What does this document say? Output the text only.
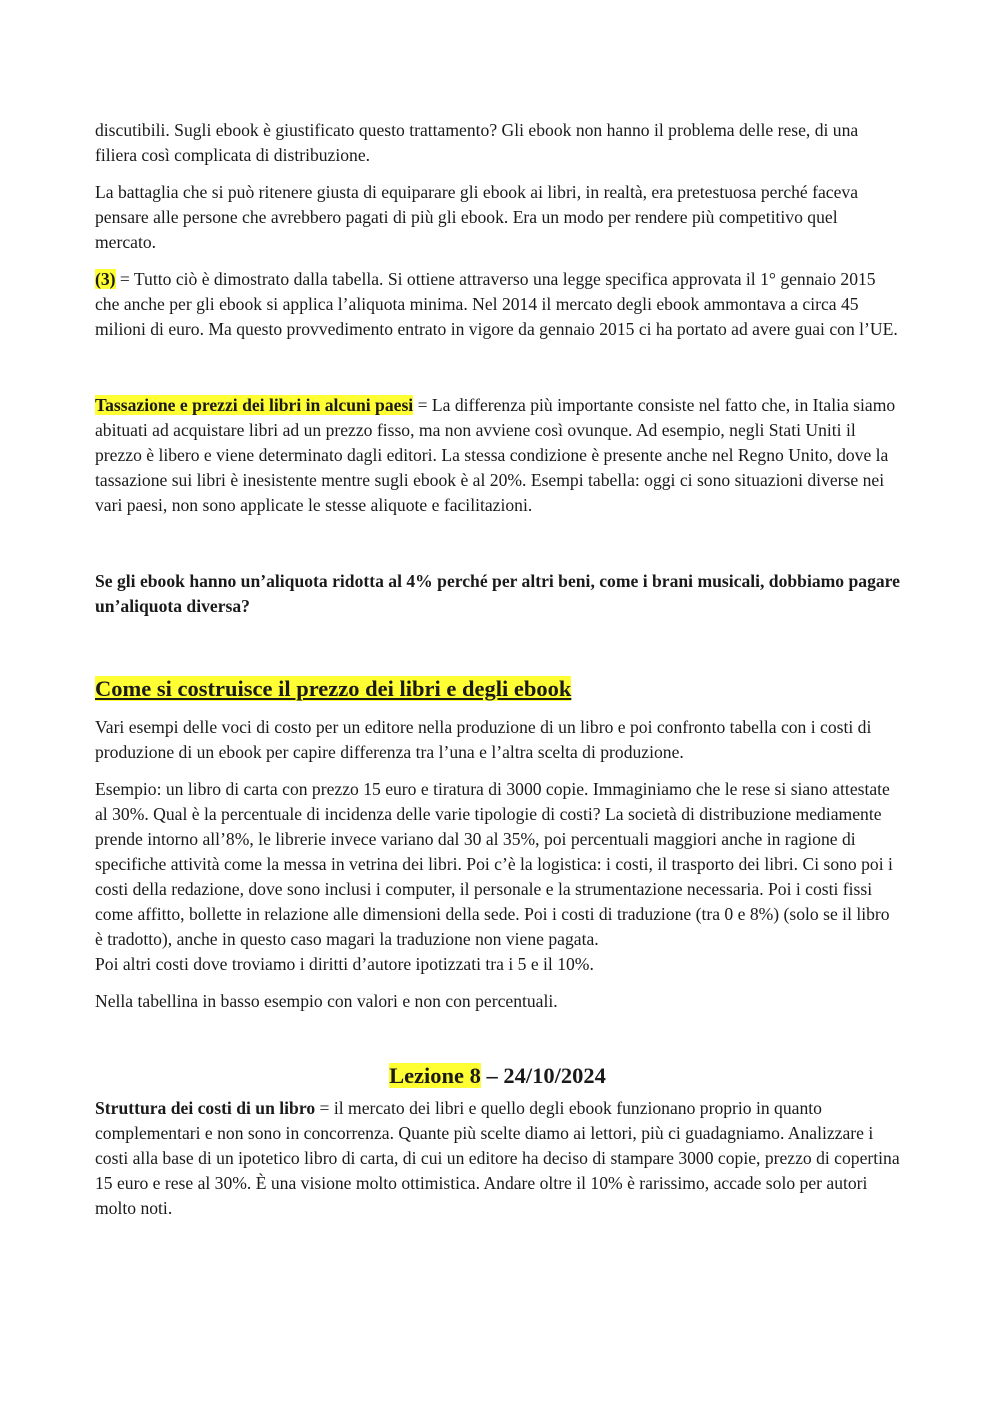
discutibili. Sugli ebook è giustificato questo trattamento? Gli ebook non hanno il problema delle rese, di una filiera così complicata di distribuzione.

La battaglia che si può ritenere giusta di equiparare gli ebook ai libri, in realtà, era pretestuosa perché faceva pensare alle persone che avrebbero pagati di più gli ebook. Era un modo per rendere più competitivo quel mercato.

(3) = Tutto ciò è dimostrato dalla tabella. Si ottiene attraverso una legge specifica approvata il 1° gennaio 2015 che anche per gli ebook si applica l’aliquota minima. Nel 2014 il mercato degli ebook ammontava a circa 45 milioni di euro. Ma questo provvedimento entrato in vigore da gennaio 2015 ci ha portato ad avere guai con l’UE.

Tassazione e prezzi dei libri in alcuni paesi = La differenza più importante consiste nel fatto che, in Italia siamo abituati ad acquistare libri ad un prezzo fisso, ma non avviene così ovunque. Ad esempio, negli Stati Uniti il prezzo è libero e viene determinato dagli editori. La stessa condizione è presente anche nel Regno Unito, dove la tassazione sui libri è inesistente mentre sugli ebook è al 20%. Esempi tabella: oggi ci sono situazioni diverse nei vari paesi, non sono applicate le stesse aliquote e facilitazioni.

Se gli ebook hanno un’aliquota ridotta al 4% perché per altri beni, come i brani musicali, dobbiamo pagare un’aliquota diversa?

Come si costruisce il prezzo dei libri e degli ebook

Vari esempi delle voci di costo per un editore nella produzione di un libro e poi confronto tabella con i costi di produzione di un ebook per capire differenza tra l’una e l’altra scelta di produzione.

Esempio: un libro di carta con prezzo 15 euro e tiratura di 3000 copie. Immaginiamo che le rese si siano attestate al 30%. Qual è la percentuale di incidenza delle varie tipologie di costi? La società di distribuzione mediamente prende intorno all’8%, le librerie invece variano dal 30 al 35%, poi percentuali maggiori anche in ragione di specifiche attività come la messa in vetrina dei libri. Poi c’è la logistica: i costi, il trasporto dei libri. Ci sono poi i costi della redazione, dove sono inclusi i computer, il personale e la strumentazione necessaria. Poi i costi fissi come affitto, bollette in relazione alle dimensioni della sede. Poi i costi di traduzione (tra 0 e 8%) (solo se il libro è tradotto), anche in questo caso magari la traduzione non viene pagata.

Poi altri costi dove troviamo i diritti d’autore ipotizzati tra i 5 e il 10%.

Nella tabellina in basso esempio con valori e non con percentuali.

Lezione 8 – 24/10/2024

Struttura dei costi di un libro = il mercato dei libri e quello degli ebook funzionano proprio in quanto complementari e non sono in concorrenza. Quante più scelte diamo ai lettori, più ci guadagniamo. Analizzare i costi alla base di un ipotetico libro di carta, di cui un editore ha deciso di stampare 3000 copie, prezzo di copertina 15 euro e rese al 30%. È una visione molto ottimistica. Andare oltre il 10% è rarissimo, accade solo per autori molto noti.
